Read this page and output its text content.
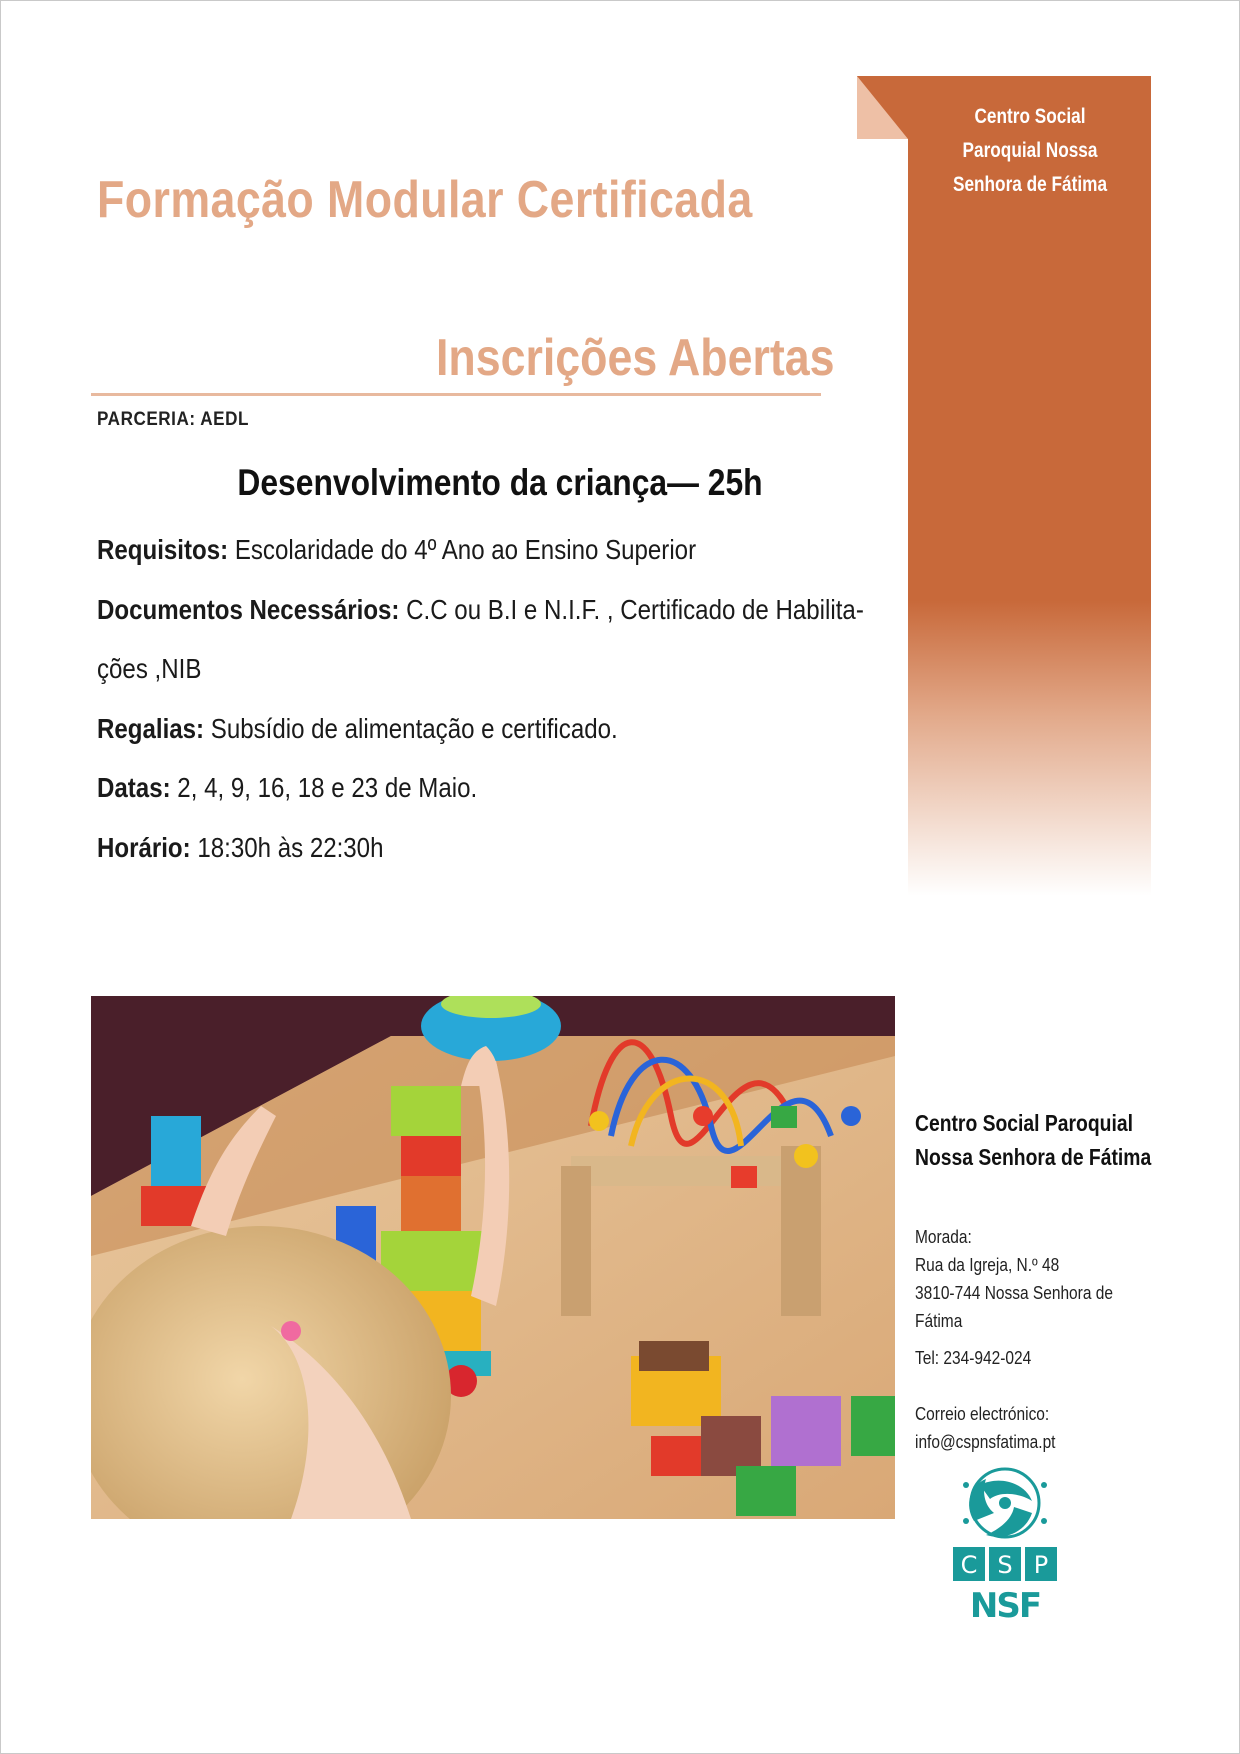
Centro Social
Paroquial Nossa
Senhora de Fátima
Formação Modular Certificada
Inscrições Abertas
PARCERIA: AEDL
Desenvolvimento da criança— 25h
Requisitos: Escolaridade do 4º Ano ao Ensino Superior
Documentos Necessários: C.C ou B.I e N.I.F. , Certificado de Habilita-
ções ,NIB
Regalias: Subsídio de alimentação e certificado.
Datas: 2, 4, 9, 16, 18 e 23 de Maio.
Horário: 18:30h às 22:30h
Centro Social Paroquial
Nossa Senhora de Fátima
Morada:
Rua da Igreja, N.º 48
3810-744 Nossa Senhora de
Fátima
Tel: 234-942-024
Correio electrónico:
info@cspnsfatima.pt
C S P
NSF
